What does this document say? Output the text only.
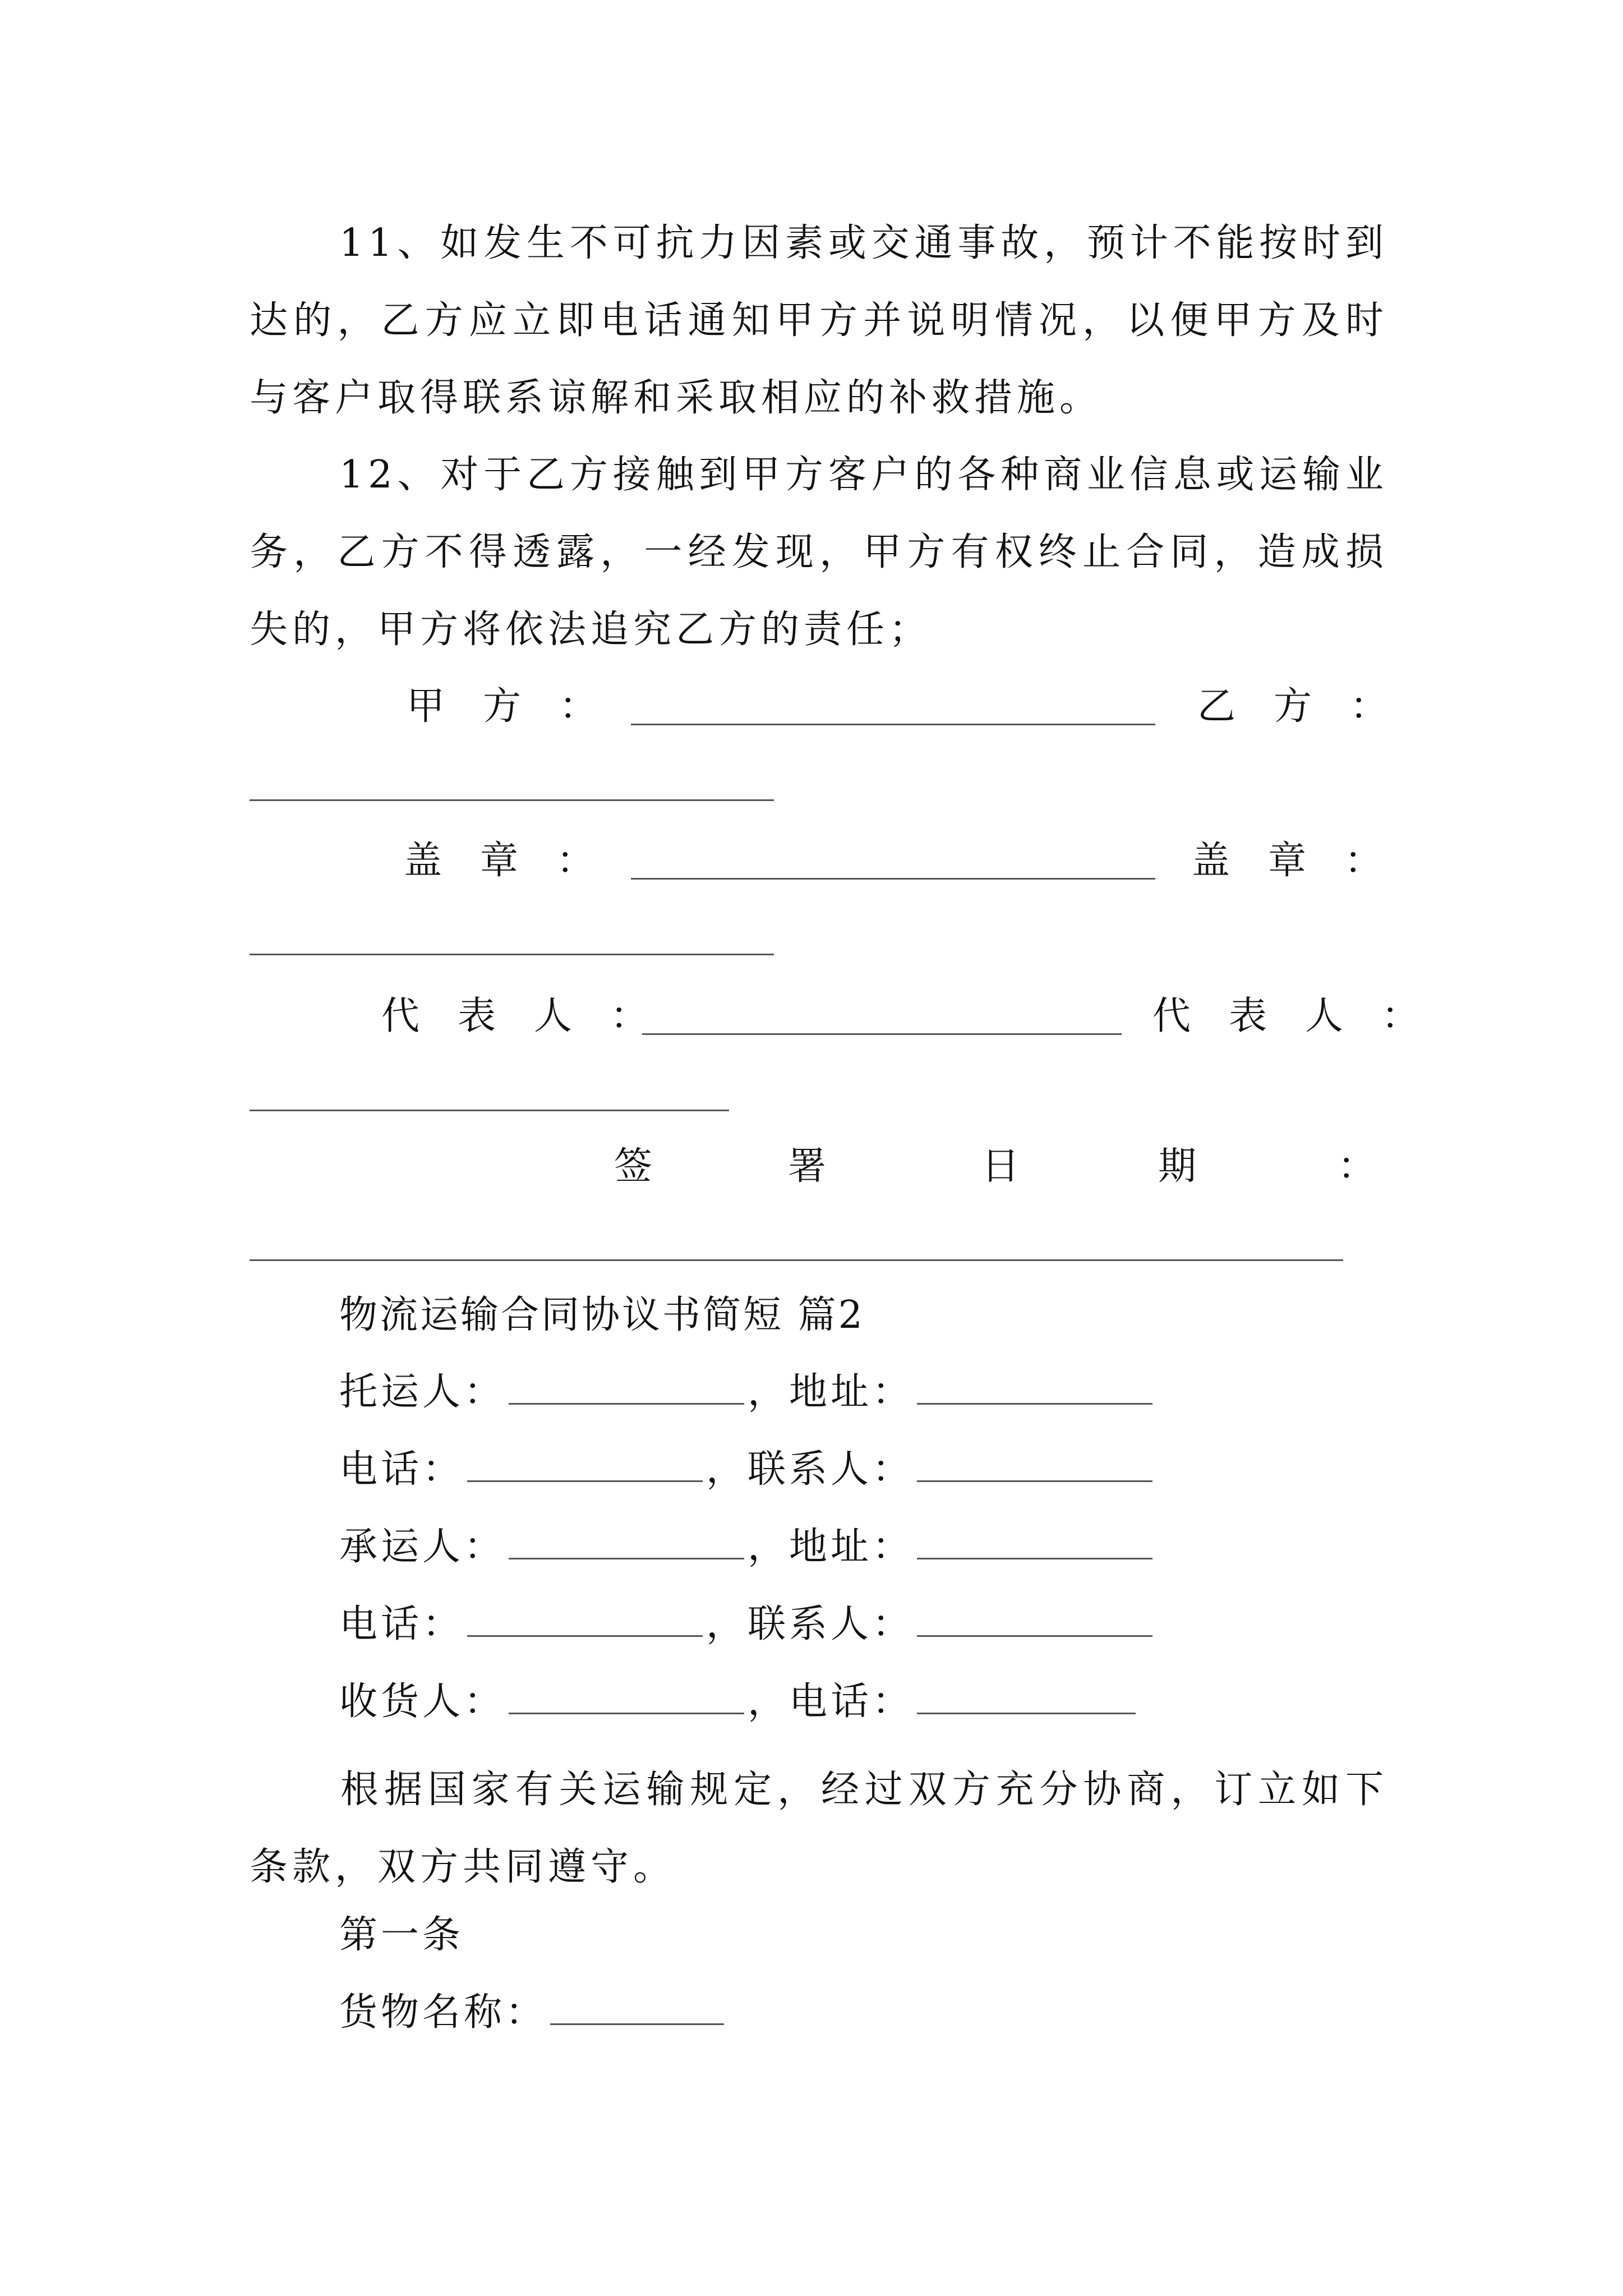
11、如发生不可抗力因素或交通事故，预计不能按时到达的，乙方应立即电话通知甲方并说明情况，以便甲方及时与客户取得联系谅解和采取相应的补救措施。

12、对于乙方接触到甲方客户的各种商业信息或运输业务，乙方不得透露，一经发现，甲方有权终止合同，造成损失的，甲方将依法追究乙方的责任；

甲　方　：	乙　方　：
盖　章　：	盖　章　：
代　表　人　：	代　表　人　：
签	署	日	期	：
物流运输合同协议书简短 篇2
托运人：	，地址：
电话：	，联系人：
承运人：	，地址：
电话：	，联系人：
收货人：	，电话：

根据国家有关运输规定，经过双方充分协商，订立如下条款，双方共同遵守。

第一条
货物名称：
